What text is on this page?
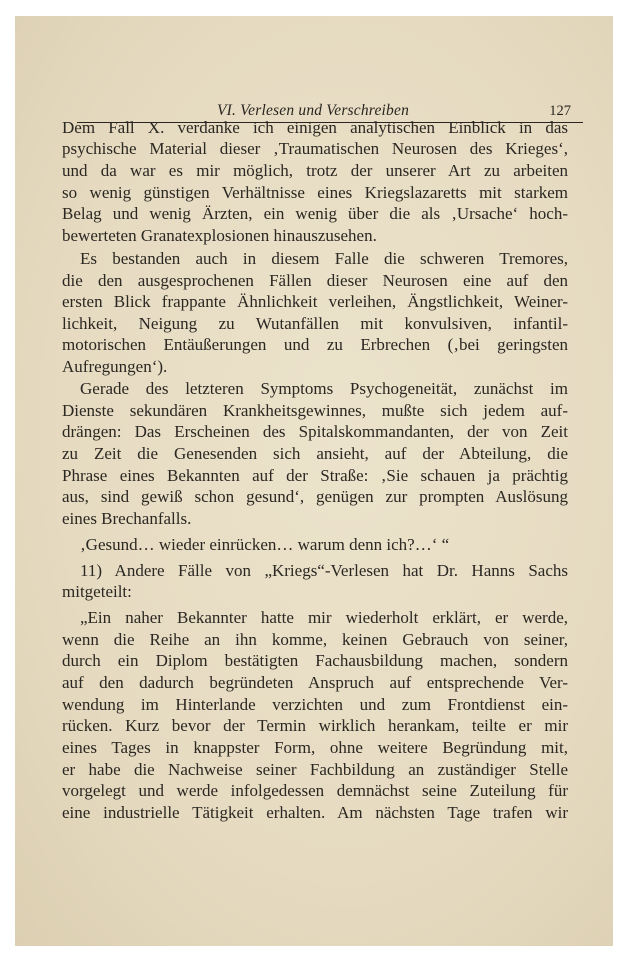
VI. Verlesen und Verschreiben	127
Dem Fall X. verdanke ich einigen analytischen Einblick in das
psychische Material dieser ‚Traumatischen Neurosen des Krieges‘,
und da war es mir möglich, trotz der unserer Art zu arbeiten
so wenig günstigen Verhältnisse eines Kriegslazaretts mit starkem
Belag und wenig Ärzten, ein wenig über die als ‚Ursache‘ hoch-
bewerteten Granatexplosionen hinauszusehen.
Es bestanden auch in diesem Falle die schweren Tremores,
die den ausgesprochenen Fällen dieser Neurosen eine auf den
ersten Blick frappante Ähnlichkeit verleihen, Ängstlichkeit, Weiner-
lichkeit, Neigung zu Wutanfällen mit konvulsiven, infantil-
motorischen Entäußerungen und zu Erbrechen (‚bei geringsten
Aufregungen‘).
Gerade des letzteren Symptoms Psychogeneität, zunächst im
Dienste sekundären Krankheitsgewinnes, mußte sich jedem auf-
drängen: Das Erscheinen des Spitalskommandanten, der von Zeit
zu Zeit die Genesenden sich ansieht, auf der Abteilung, die
Phrase eines Bekannten auf der Straße: ‚Sie schauen ja prächtig
aus, sind gewiß schon gesund‘, genügen zur prompten Auslösung
eines Brechanfalls.
‚Gesund… wieder einrücken… warum denn ich?…‘ “
11) Andere Fälle von „Kriegs“-Verlesen hat Dr. Hanns Sachs
mitgeteilt:
„Ein naher Bekannter hatte mir wiederholt erklärt, er werde,
wenn die Reihe an ihn komme, keinen Gebrauch von seiner,
durch ein Diplom bestätigten Fachausbildung machen, sondern
auf den dadurch begründeten Anspruch auf entsprechende Ver-
wendung im Hinterlande verzichten und zum Frontdienst ein-
rücken. Kurz bevor der Termin wirklich herankam, teilte er mir
eines Tages in knappster Form, ohne weitere Begründung mit,
er habe die Nachweise seiner Fachbildung an zuständiger Stelle
vorgelegt und werde infolgedessen demnächst seine Zuteilung für
eine industrielle Tätigkeit erhalten. Am nächsten Tage trafen wir
